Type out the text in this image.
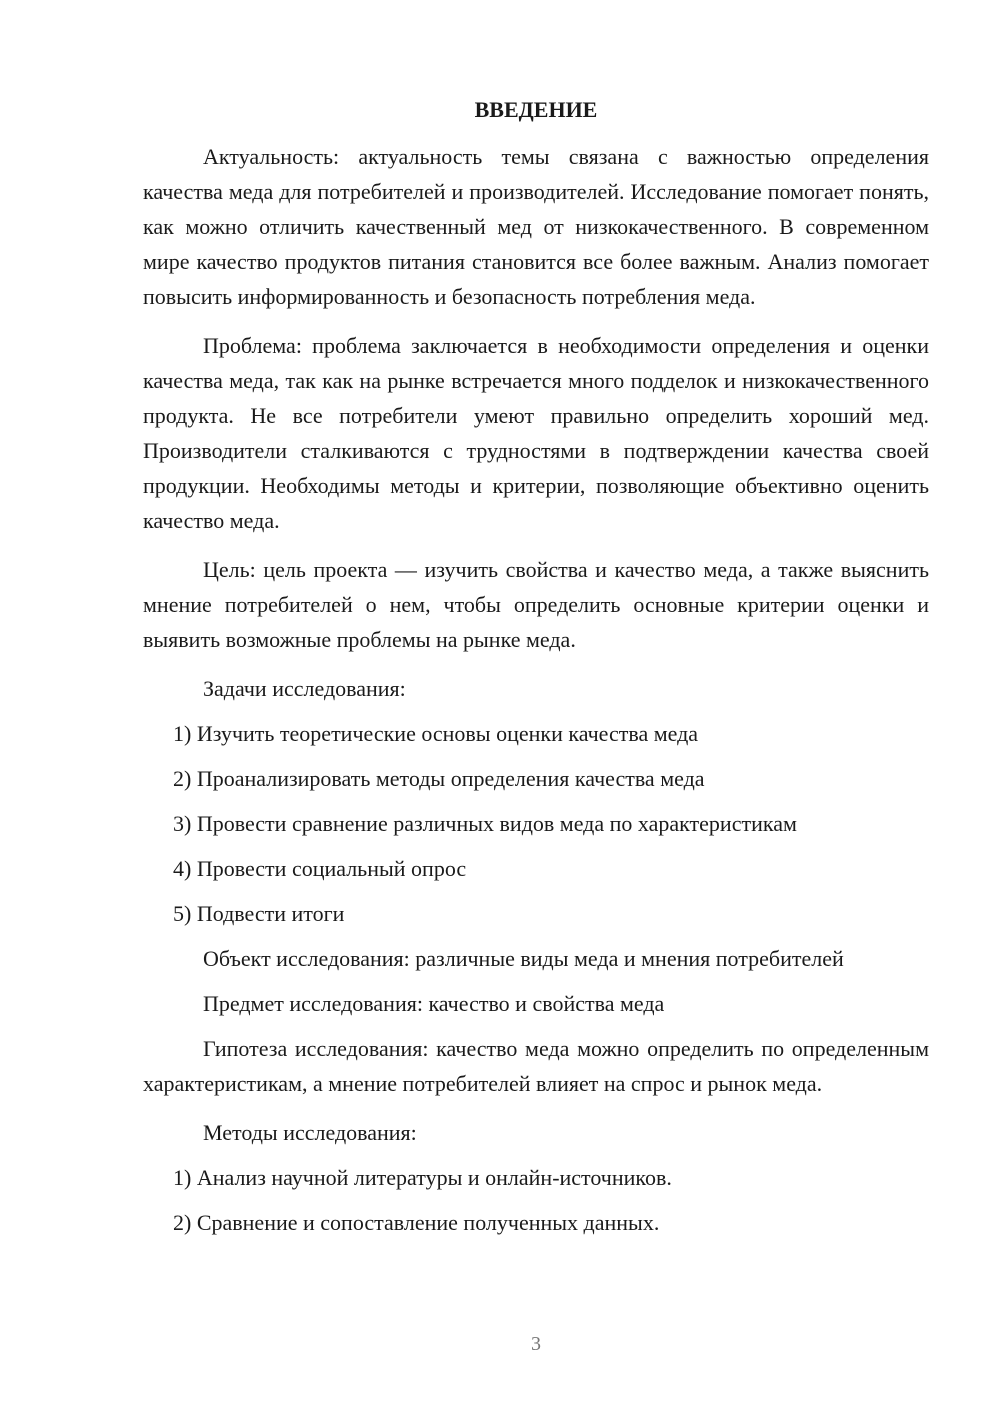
ВВЕДЕНИЕ

Актуальность: актуальность темы связана с важностью определения качества меда для потребителей и производителей. Исследование помогает понять, как можно отличить качественный мед от низкокачественного. В современном мире качество продуктов питания становится все более важным. Анализ помогает повысить информированность и безопасность потребления меда.

Проблема: проблема заключается в необходимости определения и оценки качества меда, так как на рынке встречается много подделок и низкокачественного продукта. Не все потребители умеют правильно определить хороший мед. Производители сталкиваются с трудностями в подтверждении качества своей продукции. Необходимы методы и критерии, позволяющие объективно оценить качество меда.

Цель: цель проекта — изучить свойства и качество меда, а также выяснить мнение потребителей о нем, чтобы определить основные критерии оценки и выявить возможные проблемы на рынке меда.

Задачи исследования:
1) Изучить теоретические основы оценки качества меда
2) Проанализировать методы определения качества меда
3) Провести сравнение различных видов меда по характеристикам
4) Провести социальный опрос
5) Подвести итоги
Объект исследования: различные виды меда и мнения потребителей
Предмет исследования: качество и свойства меда

Гипотеза исследования: качество меда можно определить по определенным характеристикам, а мнение потребителей влияет на спрос и рынок меда.

Методы исследования:
1) Анализ научной литературы и онлайн-источников.
2) Сравнение и сопоставление полученных данных.
3
